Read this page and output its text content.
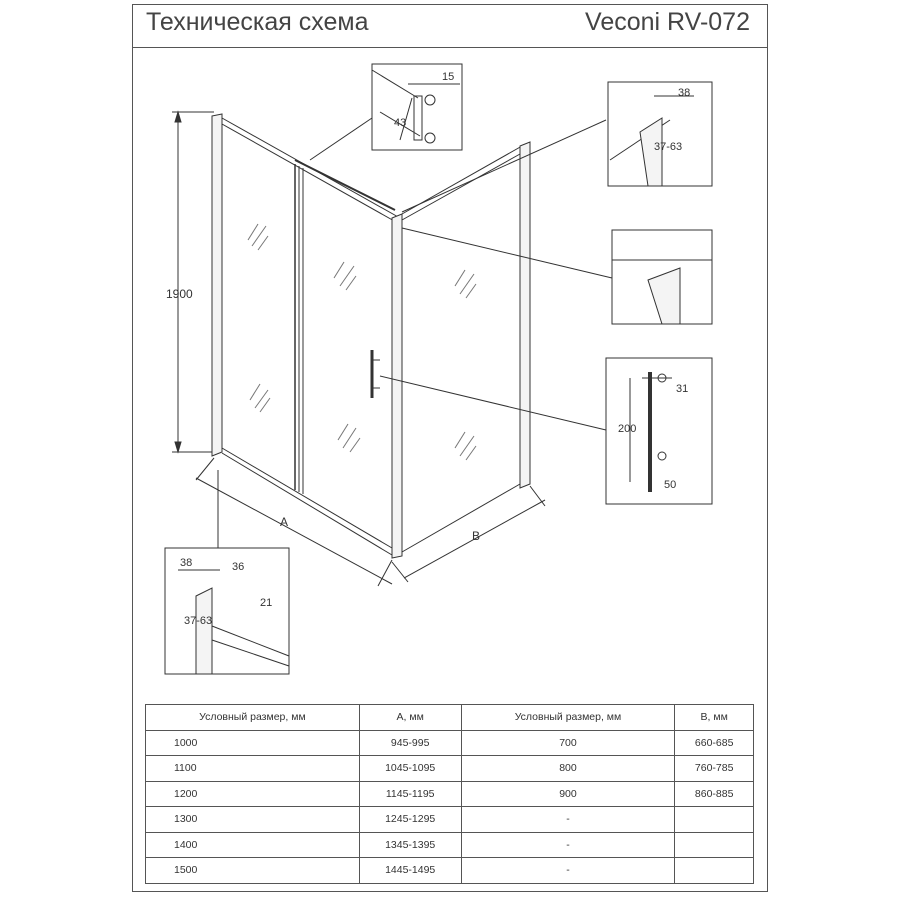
Техническая схема	Veconi RV-072
1900
A
B
15
43
38
37-63
200
31
50
38	36
21
37-63
Условный размер, мм	A, мм	Условный размер, мм	B, мм
1000	945-995	700	660-685
1100	1045-1095	800	760-785
1200	1145-1195	900	860-885
1300	1245-1295	-	
1400	1345-1395	-	
1500	1445-1495	-	
